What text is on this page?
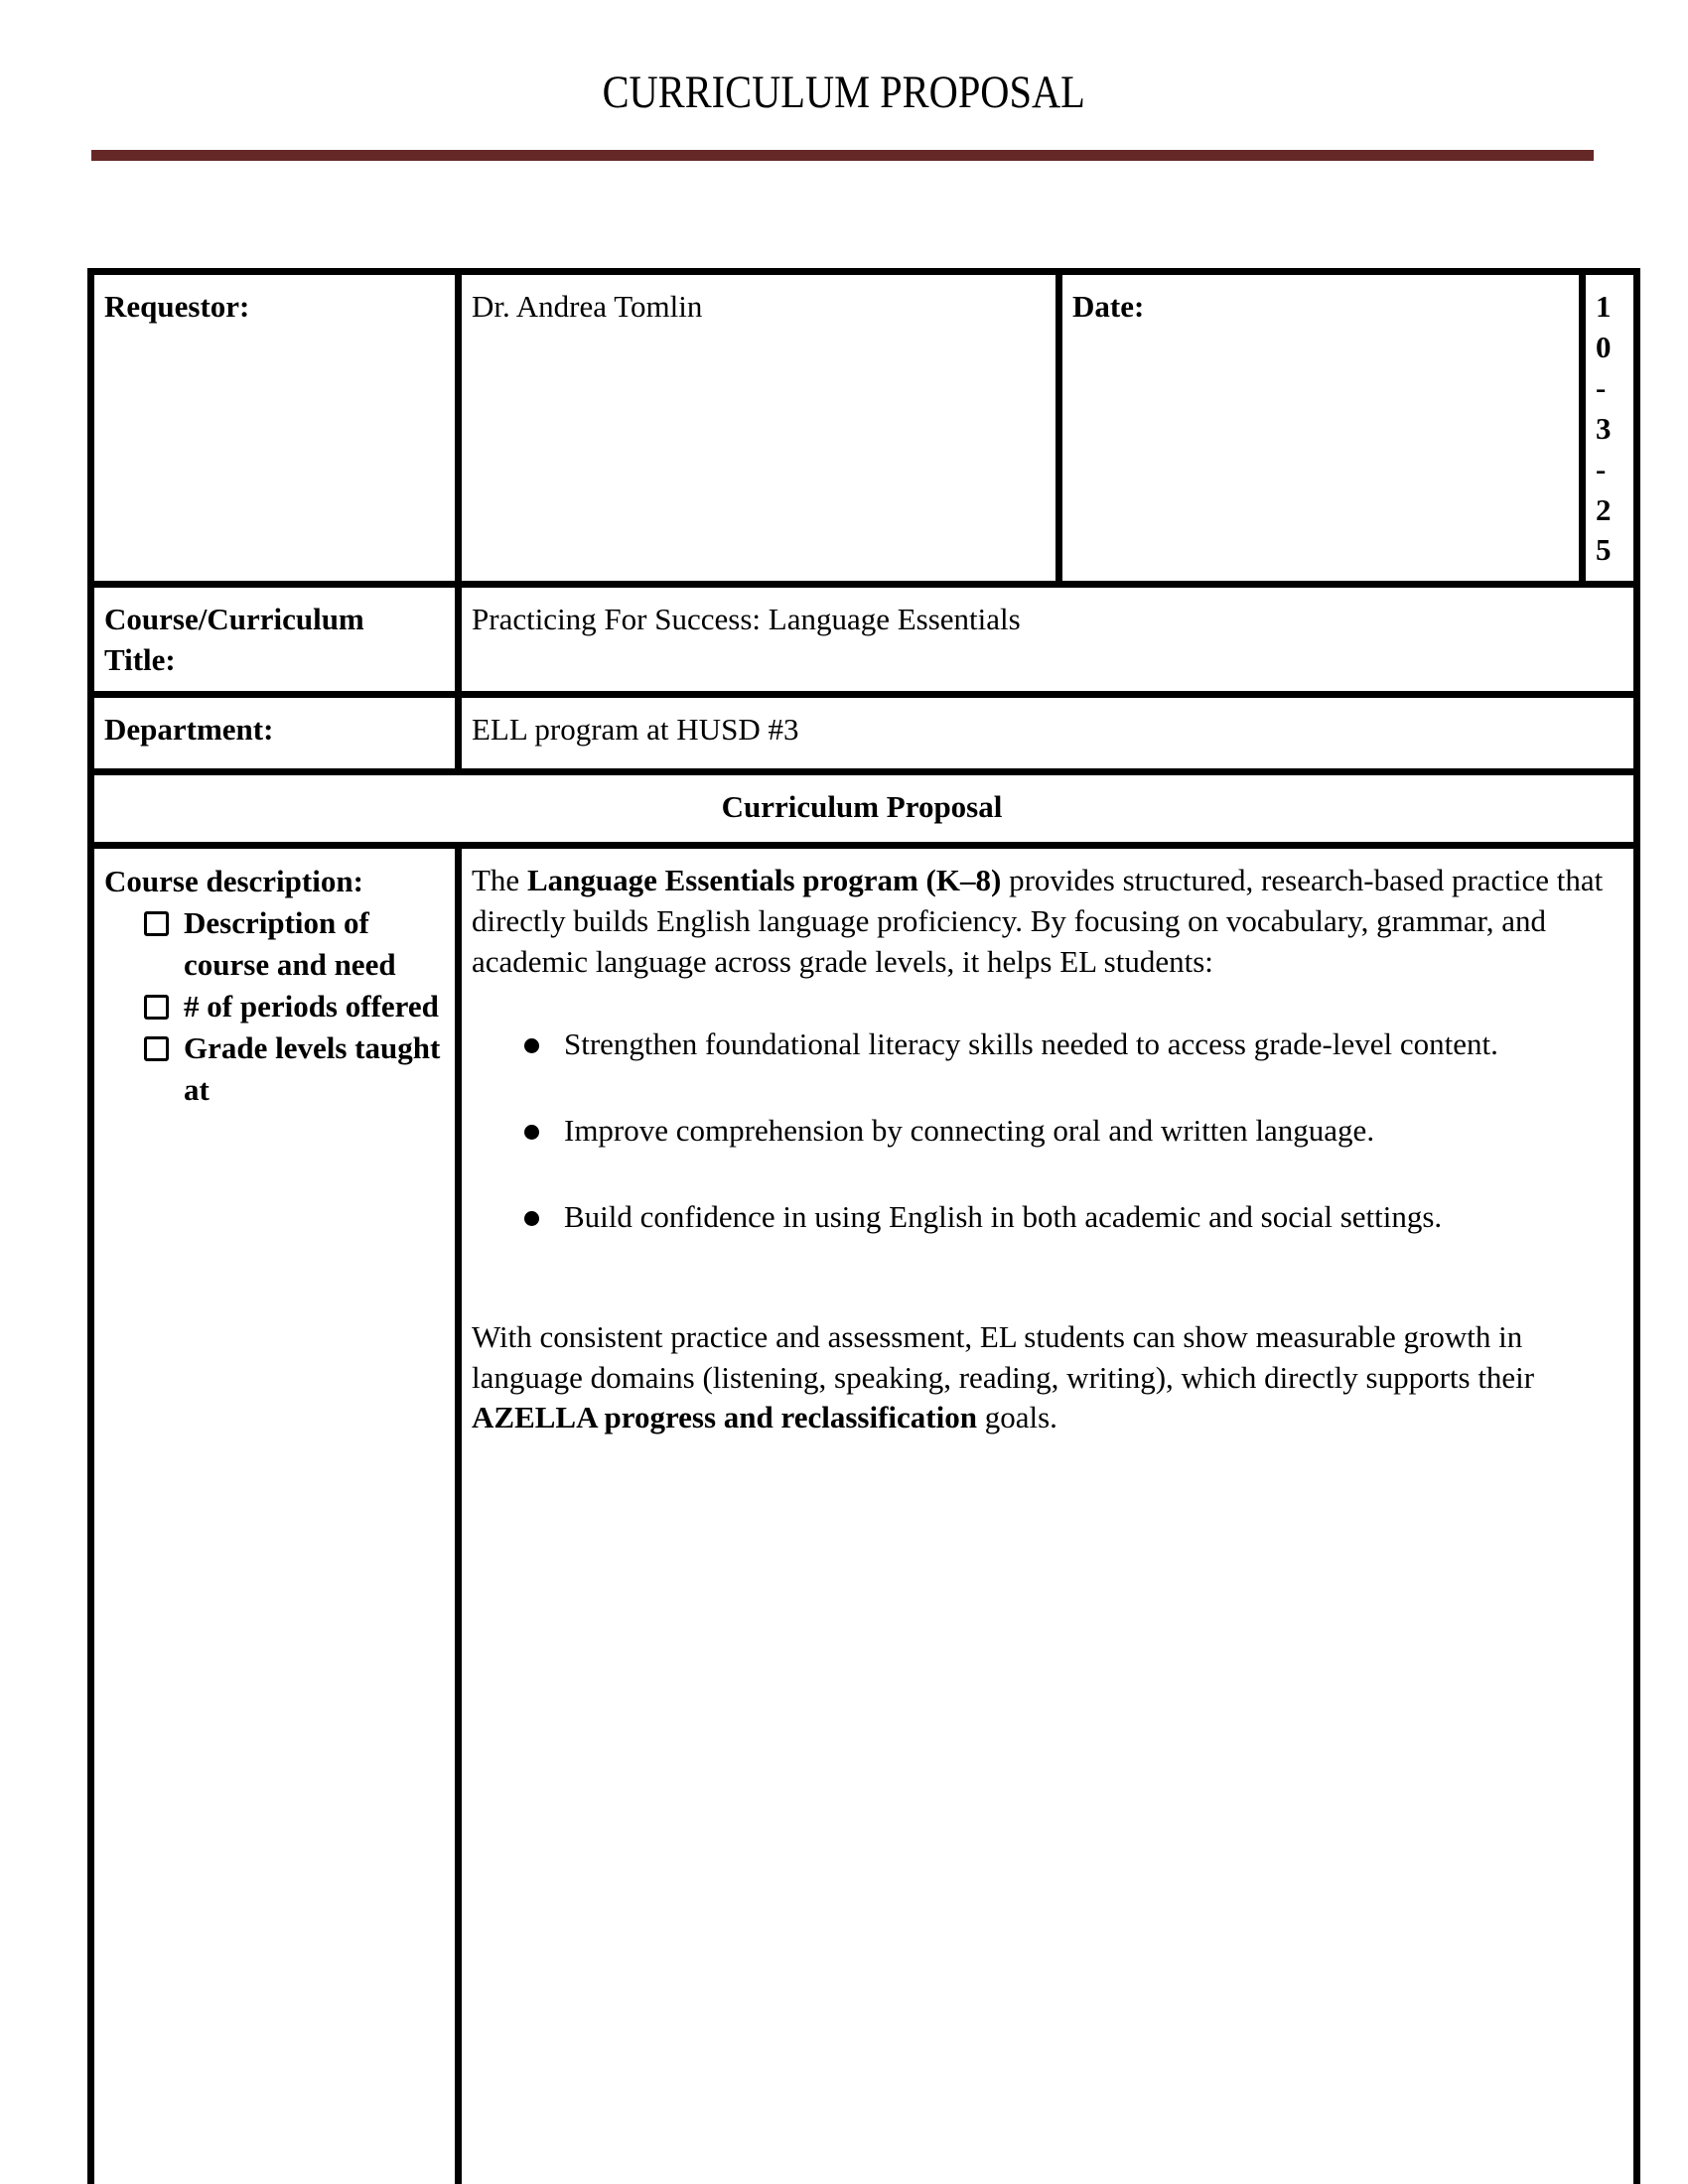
CURRICULUM PROPOSAL
Requestor:	Dr. Andrea Tomlin	Date:	10-3-25
Course/Curriculum Title:	Practicing For Success: Language Essentials		
Department:	ELL program at HUSD #3		
Curriculum Proposal			

Course description:
Description of course and need
# of periods offered
Grade levels taught at

The Language Essentials program (K–8) provides structured, research-based practice that directly builds English language proficiency. By focusing on vocabulary, grammar, and academic language across grade levels, it helps EL students:

Strengthen foundational literacy skills needed to access grade-level content.
Improve comprehension by connecting oral and written language.
Build confidence in using English in both academic and social settings.

With consistent practice and assessment, EL students can show measurable growth in language domains (listening, speaking, reading, writing), which directly supports their AZELLA progress and reclassification goals.
